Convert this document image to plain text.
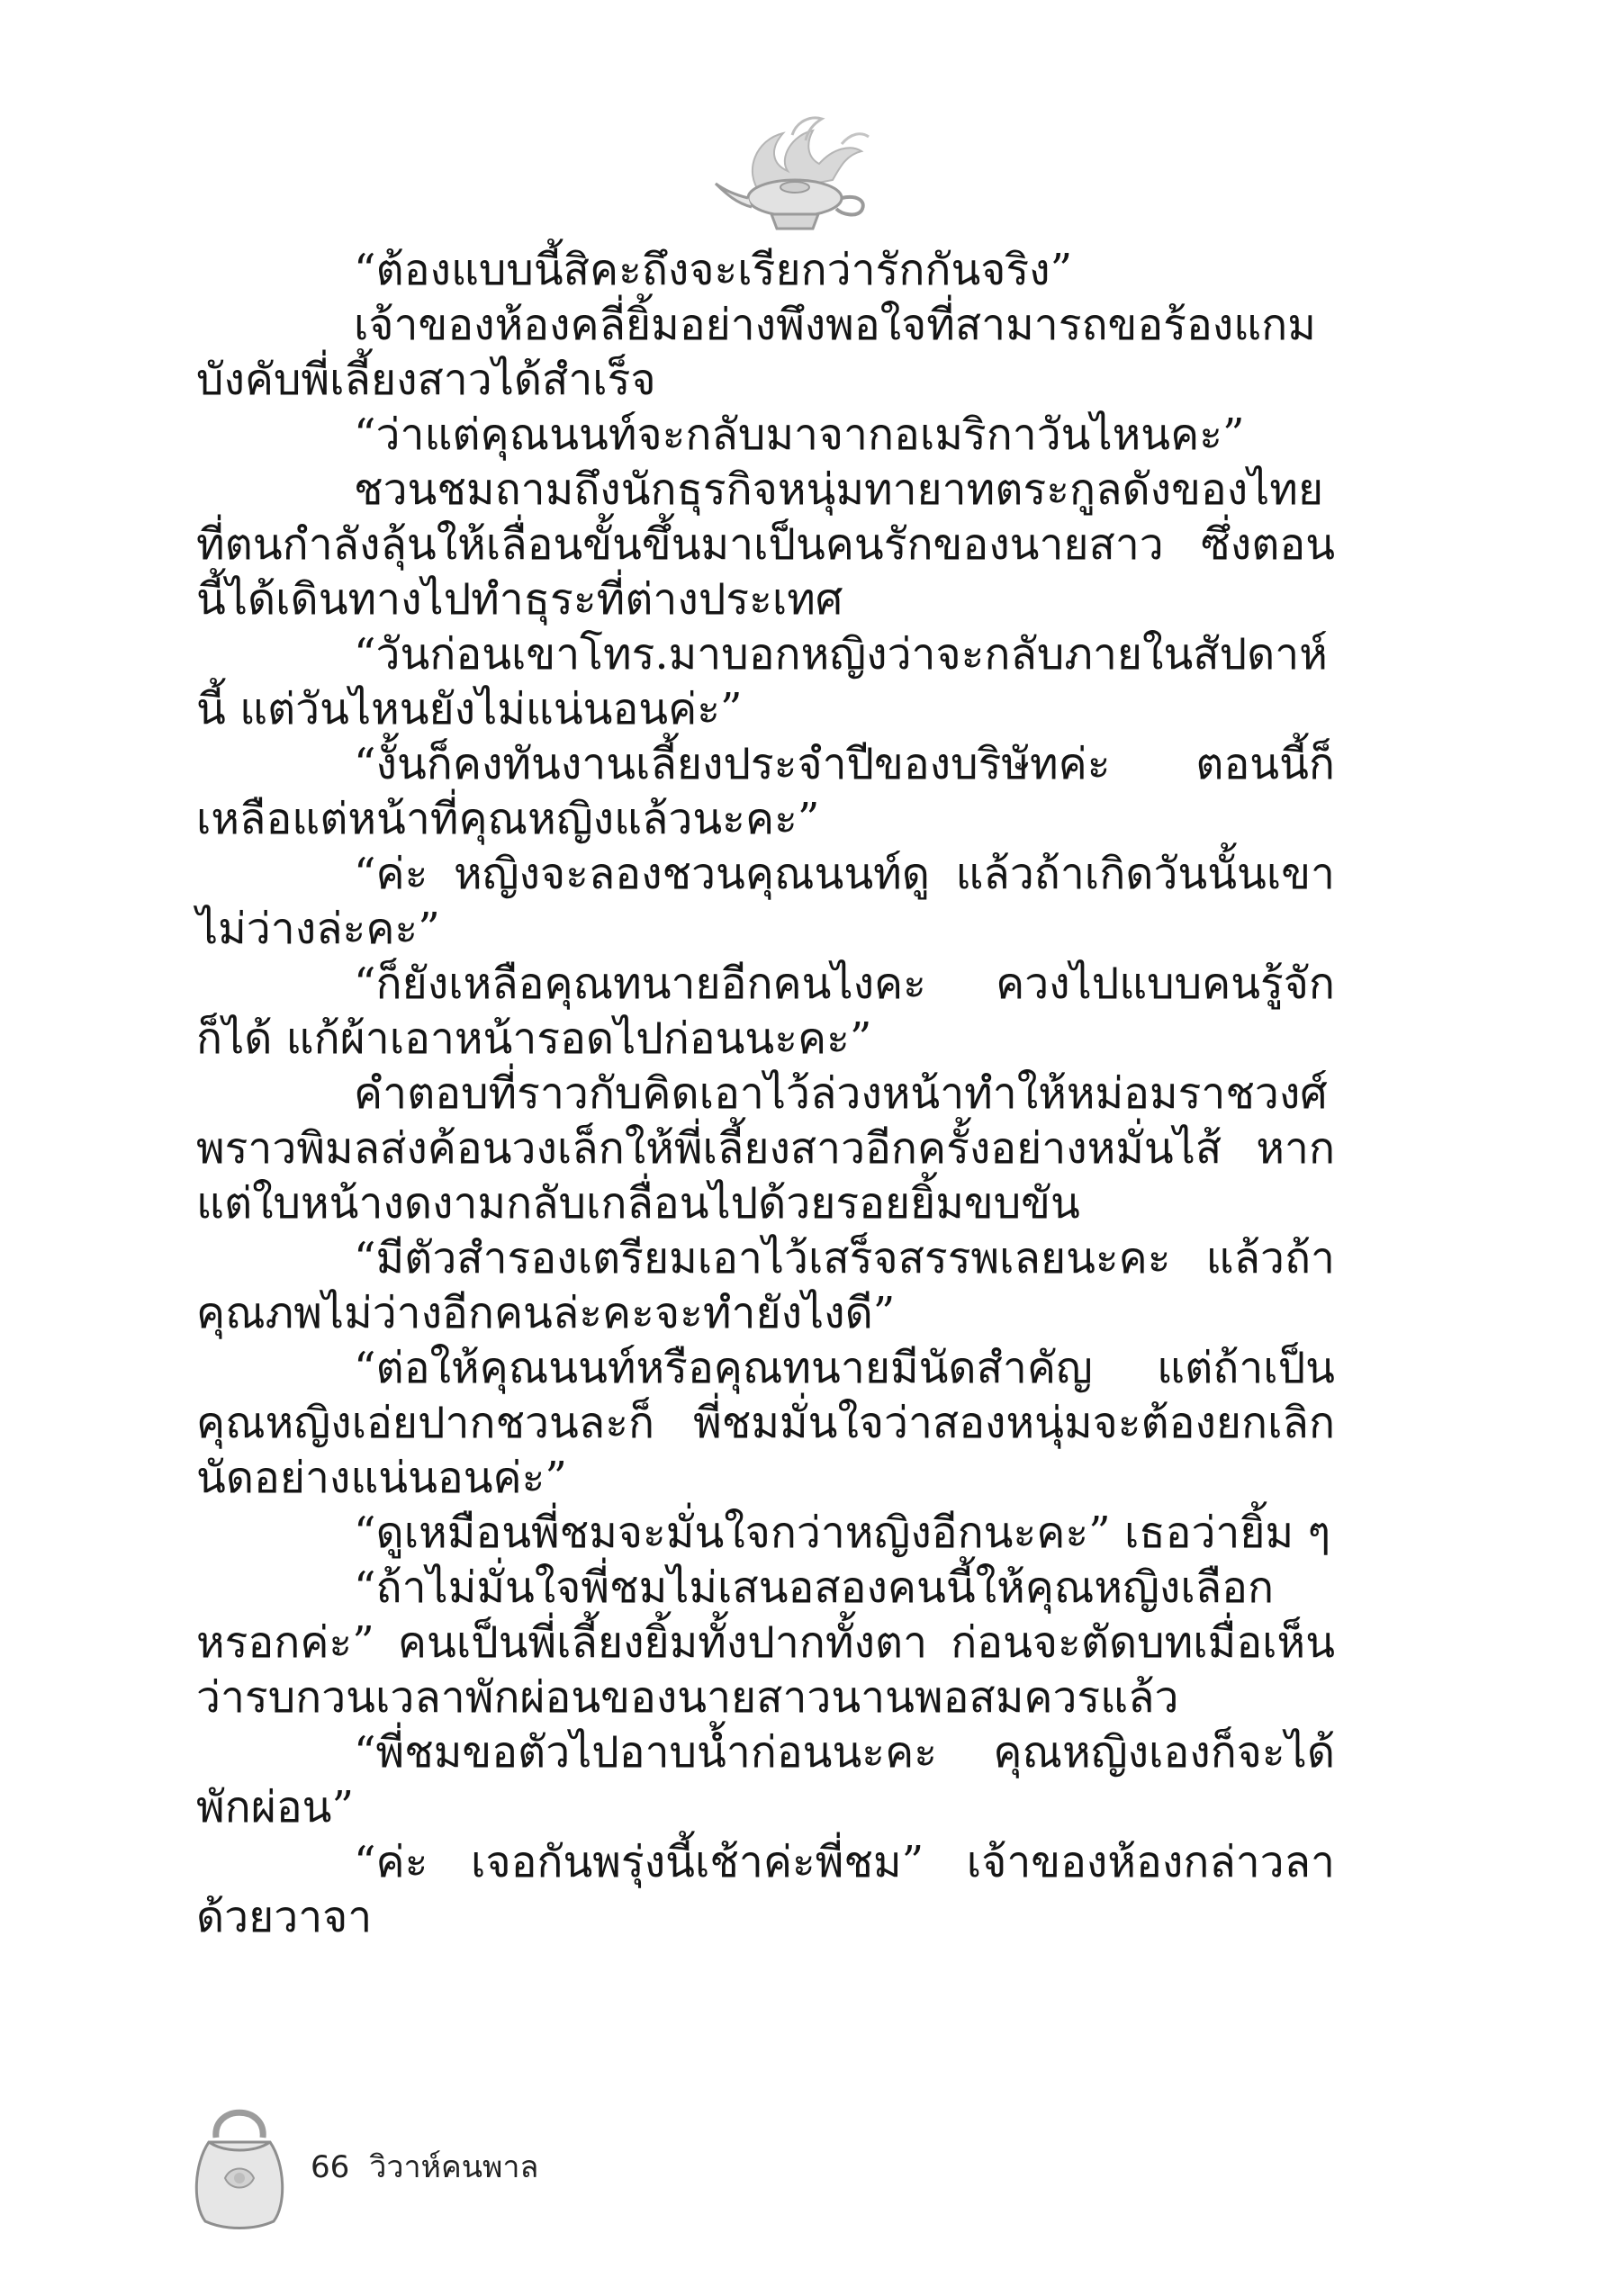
“ต้องแบบนี้สิคะถึงจะเรียกว่ารักกันจริง”

เจ้าของห้องคลี่ยิ้มอย่างพึงพอใจที่สามารถขอร้องแกมบังคับพี่เลี้ยงสาวได้สำเร็จ

“ว่าแต่คุณนนท์จะกลับมาจากอเมริกาวันไหนคะ”

ชวนชมถามถึงนักธุรกิจหนุ่มทายาทตระกูลดังของไทยที่ตนกำลังลุ้นให้เลื่อนขั้นขึ้นมาเป็นคนรักของนายสาว ซึ่งตอนนี้ได้เดินทางไปทำธุระที่ต่างประเทศ

“วันก่อนเขาโทร.มาบอกหญิงว่าจะกลับภายในสัปดาห์นี้ แต่วันไหนยังไม่แน่นอนค่ะ”

“งั้นก็คงทันงานเลี้ยงประจำปีของบริษัทค่ะ ตอนนี้ก็เหลือแต่หน้าที่คุณหญิงแล้วนะคะ”

“ค่ะ หญิงจะลองชวนคุณนนท์ดู แล้วถ้าเกิดวันนั้นเขาไม่ว่างล่ะคะ”

“ก็ยังเหลือคุณทนายอีกคนไงคะ ควงไปแบบคนรู้จักก็ได้ แก้ผ้าเอาหน้ารอดไปก่อนนะคะ”

คำตอบที่ราวกับคิดเอาไว้ล่วงหน้าทำให้หม่อมราชวงศ์พราวพิมลส่งค้อนวงเล็กให้พี่เลี้ยงสาวอีกครั้งอย่างหมั่นไส้ หากแต่ใบหน้างดงามกลับเกลื่อนไปด้วยรอยยิ้มขบขัน

“มีตัวสำรองเตรียมเอาไว้เสร็จสรรพเลยนะคะ แล้วถ้าคุณภพไม่ว่างอีกคนล่ะคะจะทำยังไงดี”

“ต่อให้คุณนนท์หรือคุณทนายมีนัดสำคัญ แต่ถ้าเป็นคุณหญิงเอ่ยปากชวนละก็ พี่ชมมั่นใจว่าสองหนุ่มจะต้องยกเลิกนัดอย่างแน่นอนค่ะ”

“ดูเหมือนพี่ชมจะมั่นใจกว่าหญิงอีกนะคะ” เธอว่ายิ้ม ๆ

“ถ้าไม่มั่นใจพี่ชมไม่เสนอสองคนนี้ให้คุณหญิงเลือกหรอกค่ะ” คนเป็นพี่เลี้ยงยิ้มทั้งปากทั้งตา ก่อนจะตัดบทเมื่อเห็นว่ารบกวนเวลาพักผ่อนของนายสาวนานพอสมควรแล้ว

“พี่ชมขอตัวไปอาบน้ำก่อนนะคะ คุณหญิงเองก็จะได้พักผ่อน”

“ค่ะ เจอกันพรุ่งนี้เช้าค่ะพี่ชม” เจ้าของห้องกล่าวลาด้วยวาจา

66 วิวาห์คนพาล
